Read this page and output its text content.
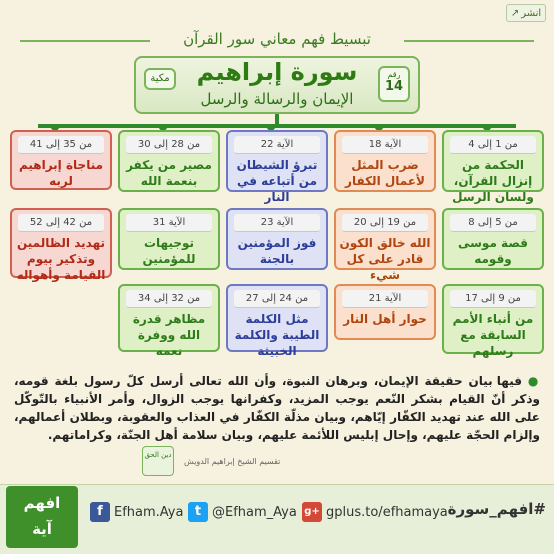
انشر
↗
تبسيط فهم معاني سور القرآن
سورة إبراهيم
الإيمان والرسالة والرسل
رقم
14
مكية
من 1 إلى 4
الحكمة من إنزال القرآن، ولسان الرسل
من 5 إلى 8
قصة موسى وقومه
من 9 إلى 17
من أنباء الأمم السابقة مع رسلهم
الآية 18
ضرب المثل لأعمال الكفار
من 19 إلى 20
الله خالق الكون قادر على كل شيء
الآية 21
حوار أهل النار
الآية 22
تبرؤ الشيطان من أتباعه في النار
الآية 23
فوز المؤمنين بالجنة
من 24 إلى 27
مثل الكلمة الطيبة والكلمة الخبيثة
من 28 إلى 30
مصير من يكفر بنعمة الله
الآية 31
توجيهات للمؤمنين
من 32 إلى 34
مظاهر قدرة الله ووفرة نعمه
من 35 إلى 41
مناجاة إبراهيم لربه
من 42 إلى 52
تهديد الظالمين وتذكير بيوم القيامة وأهواله
● فيها بيان حقيقة الإيمان، وبرهان النبوة، وأن الله تعالى أرسل كلّ رسول بلغة قومه، وذكر أنّ القيام بشكر النّعم يوجب المزيد، وكفرانها يوجب الزوال، وأمر الأنبياء بالتّوكّل على الله عند تهديد الكفّار إيّاهم، وبيان مذلّة الكفّار في العذاب والعقوبة، وبطلان أعمالهم، وإلزام الحجّة عليهم، وإحال إبليس اللأئمة عليهم، وبيان سلامة أهل الجنّة، وكراماتهم.
دين الحق
تقسيم الشيخ إبراهيم الدويش
افهم
آية
f Efham.Aya t @Efham_Aya g+ gplus.to/efhamaya #افهم_سورة
